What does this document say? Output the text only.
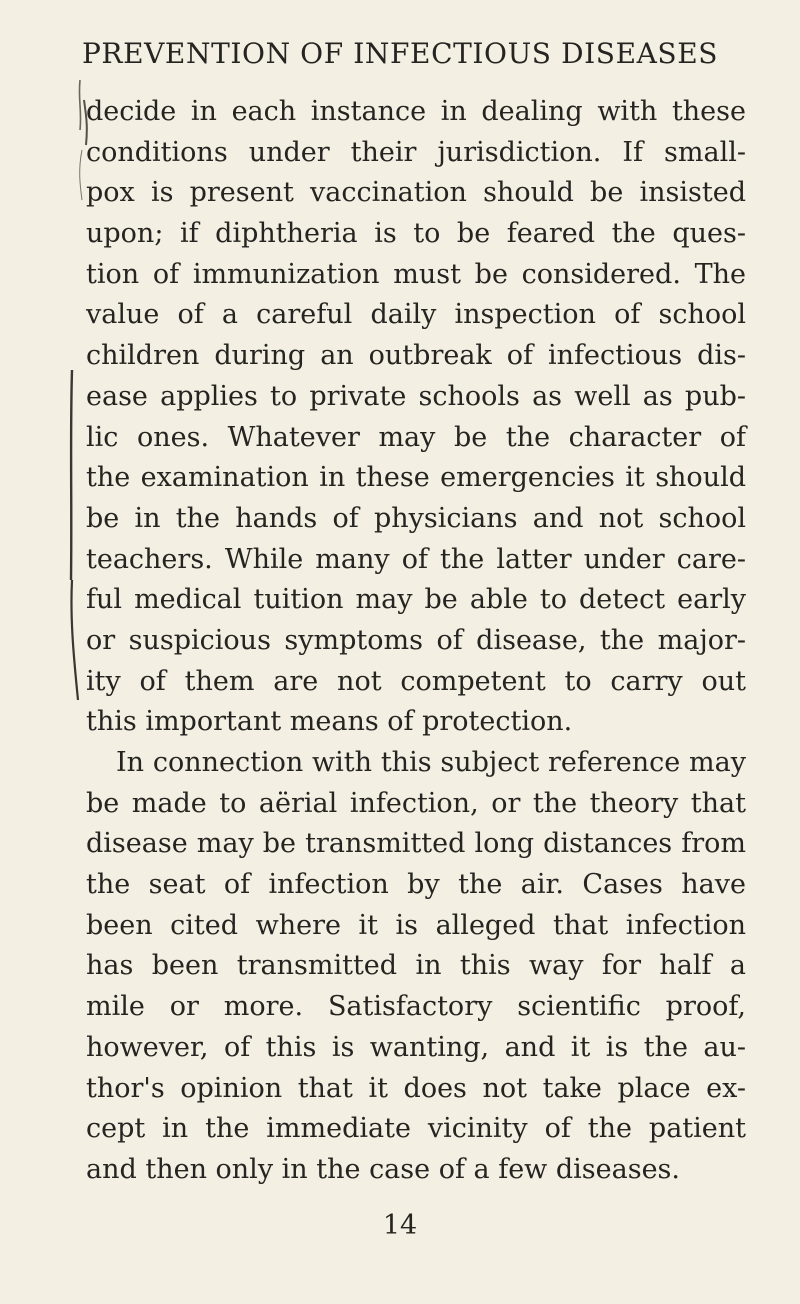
PREVENTION OF INFECTIOUS DISEASES
decide in each instance in dealing with these
conditions under their jurisdiction. If small-
pox is present vaccination should be insisted
upon; if diphtheria is to be feared the ques-
tion of immunization must be considered. The
value of a careful daily inspection of school
children during an outbreak of infectious dis-
ease applies to private schools as well as pub-
lic ones. Whatever may be the character of
the examination in these emergencies it should
be in the hands of physicians and not school
teachers. While many of the latter under care-
ful medical tuition may be able to detect early
or suspicious symptoms of disease, the major-
ity of them are not competent to carry out
this important means of protection.
In connection with this subject reference may
be made to aërial infection, or the theory that
disease may be transmitted long distances from
the seat of infection by the air. Cases have
been cited where it is alleged that infection
has been transmitted in this way for half a
mile or more. Satisfactory scientific proof,
however, of this is wanting, and it is the au-
thor's opinion that it does not take place ex-
cept in the immediate vicinity of the patient
and then only in the case of a few diseases.
14
